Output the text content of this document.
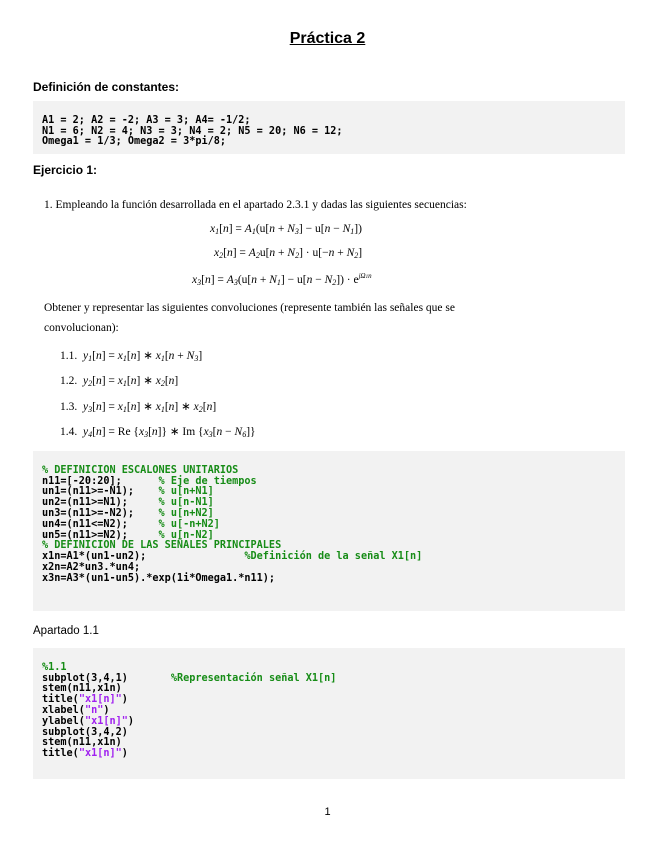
Práctica 2
Definición de constantes:

A1 = 2; A2 = -2; A3 = 3; A4= -1/2;
N1 = 6; N2 = 4; N3 = 3; N4 = 2; N5 = 20; N6 = 12;
Omega1 = 1/3; Omega2 = 3*pi/8;
Ejercicio 1:
1. Empleando la función desarrollada en el apartado 2.3.1 y dadas las siguientes secuencias:
$x_1[n] = A_1(u[n + N_3] - u[n - N_1])$
$x_2[n] = A_2u[n + N_2] \cdot u[-n + N_2]$
$x_3[n] = A_3(u[n + N_1] - u[n - N_2]) \cdot e^{j\Omega 1n}$
Obtener y representar las siguientes convoluciones (represente también las señales que se
convolucionan):
1.1. $y_1[n] = x_1[n]$ ∗ $x_1[n + N_3]$
1.2. $y_2[n] = x_1[n]$ ∗ $x_2[n]$
1.3. $y_3[n] = x_1[n]$ ∗ $x_1[n]$ ∗ $x_2[n]$
1.4. $y_4[n] = Re$ $\{x_3[n]\}$ ∗ Im $\{x_3[n - N_6]\}$

% DEFINICION ESCALONES UNITARIOS
n11=[-20:20];      % Eje de tiempos
un1=(n11>=-N1);    % u[n+N1]
un2=(n11>=N1);     % u[n-N1]
un3=(n11>=-N2);    % u[n+N2]
un4=(n11<=N2);     % u[-n+N2]
un5=(n11>=N2);     % u[n-N2]
% DEFINICION DE LAS SEÑALES PRINCIPALES
x1n=A1*(un1-un2);                %Definición de la señal X1[n]
x2n=A2*un3.*un4;
x3n=A3*(un1-un5).*exp(1i*Omega1.*n11);
Apartado 1.1

%1.1
subplot(3,4,1)       %Representación señal X1[n]
stem(n11,x1n)
title("x1[n]")
xlabel("n")
ylabel("x1[n]")
subplot(3,4,2)
stem(n11,x1n)
title("x1[n]")
1
